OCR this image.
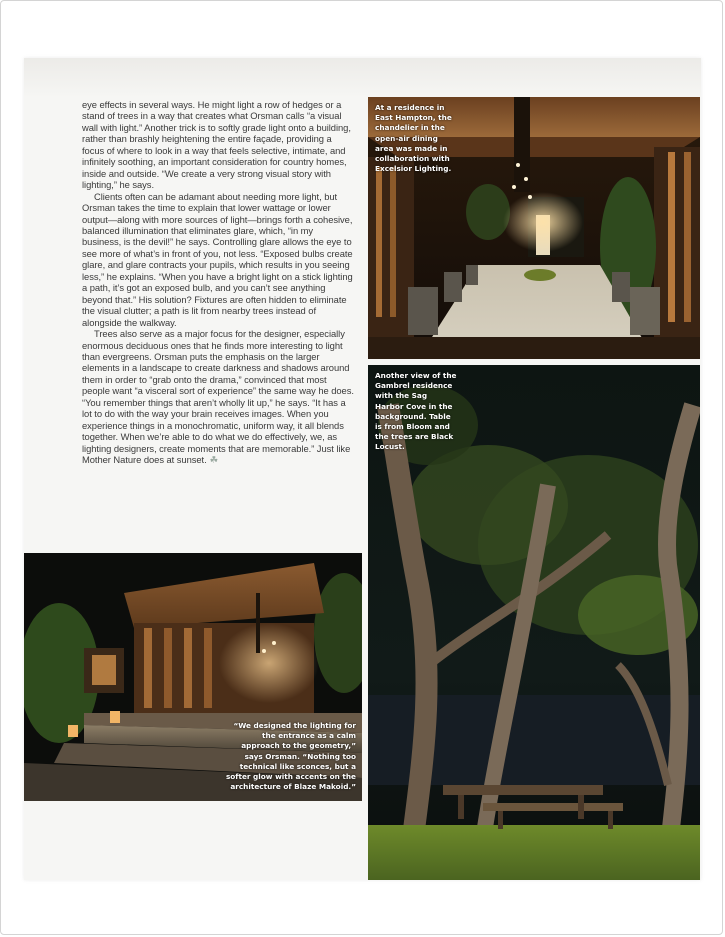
eye effects in several ways. He might light a row of hedges or a stand of trees in a way that creates what Orsman calls “a visual wall with light.” Another trick is to softly grade light onto a building, rather than brashly heightening the entire façade, providing a focus of where to look in a way that feels selective, intimate, and infinitely soothing, an important consideration for country homes, inside and outside. “We create a very strong visual story with lighting,” he says.

Clients often can be adamant about needing more light, but Orsman takes the time to explain that lower wattage or lower output—along with more sources of light—brings forth a cohesive, balanced illumination that eliminates glare, which, “in my business, is the devil!” he says. Controlling glare allows the eye to see more of what’s in front of you, not less. “Exposed bulbs create glare, and glare contracts your pupils, which results in you seeing less,” he explains. “When you have a bright light on a stick lighting a path, it’s got an exposed bulb, and you can’t see anything beyond that.” His solution? Fixtures are often hidden to eliminate the visual clutter; a path is lit from nearby trees instead of alongside the walkway.

Trees also serve as a major focus for the designer, especially enormous deciduous ones that he finds more interesting to light than evergreens. Orsman puts the emphasis on the larger elements in a landscape to create darkness and shadows around them in order to “grab onto the drama,” convinced that most people want “a visceral sort of experience” the same way he does. “You remember things that aren’t wholly lit up,” he says. “It has a lot to do with the way your brain receives images. When you experience things in a monochromatic, uniform way, it all blends together. When we’re able to do what we do effectively, we, as lighting designers, create moments that are memorable.” Just like Mother Nature does at sunset. ☘

At a residence in
East Hampton, the
chandelier in the
open-air dining
area was made in
collaboration with
Excelsior Lighting.
Another view of the
Gambrel residence
with the Sag
Harbor Cove in the
background. Table
is from Bloom and
the trees are Black
Locust.
“We designed the lighting for
the entrance as a calm
approach to the geometry,”
says Orsman. “Nothing too
technical like sconces, but a
softer glow with accents on the
architecture of Blaze Makoid.”
